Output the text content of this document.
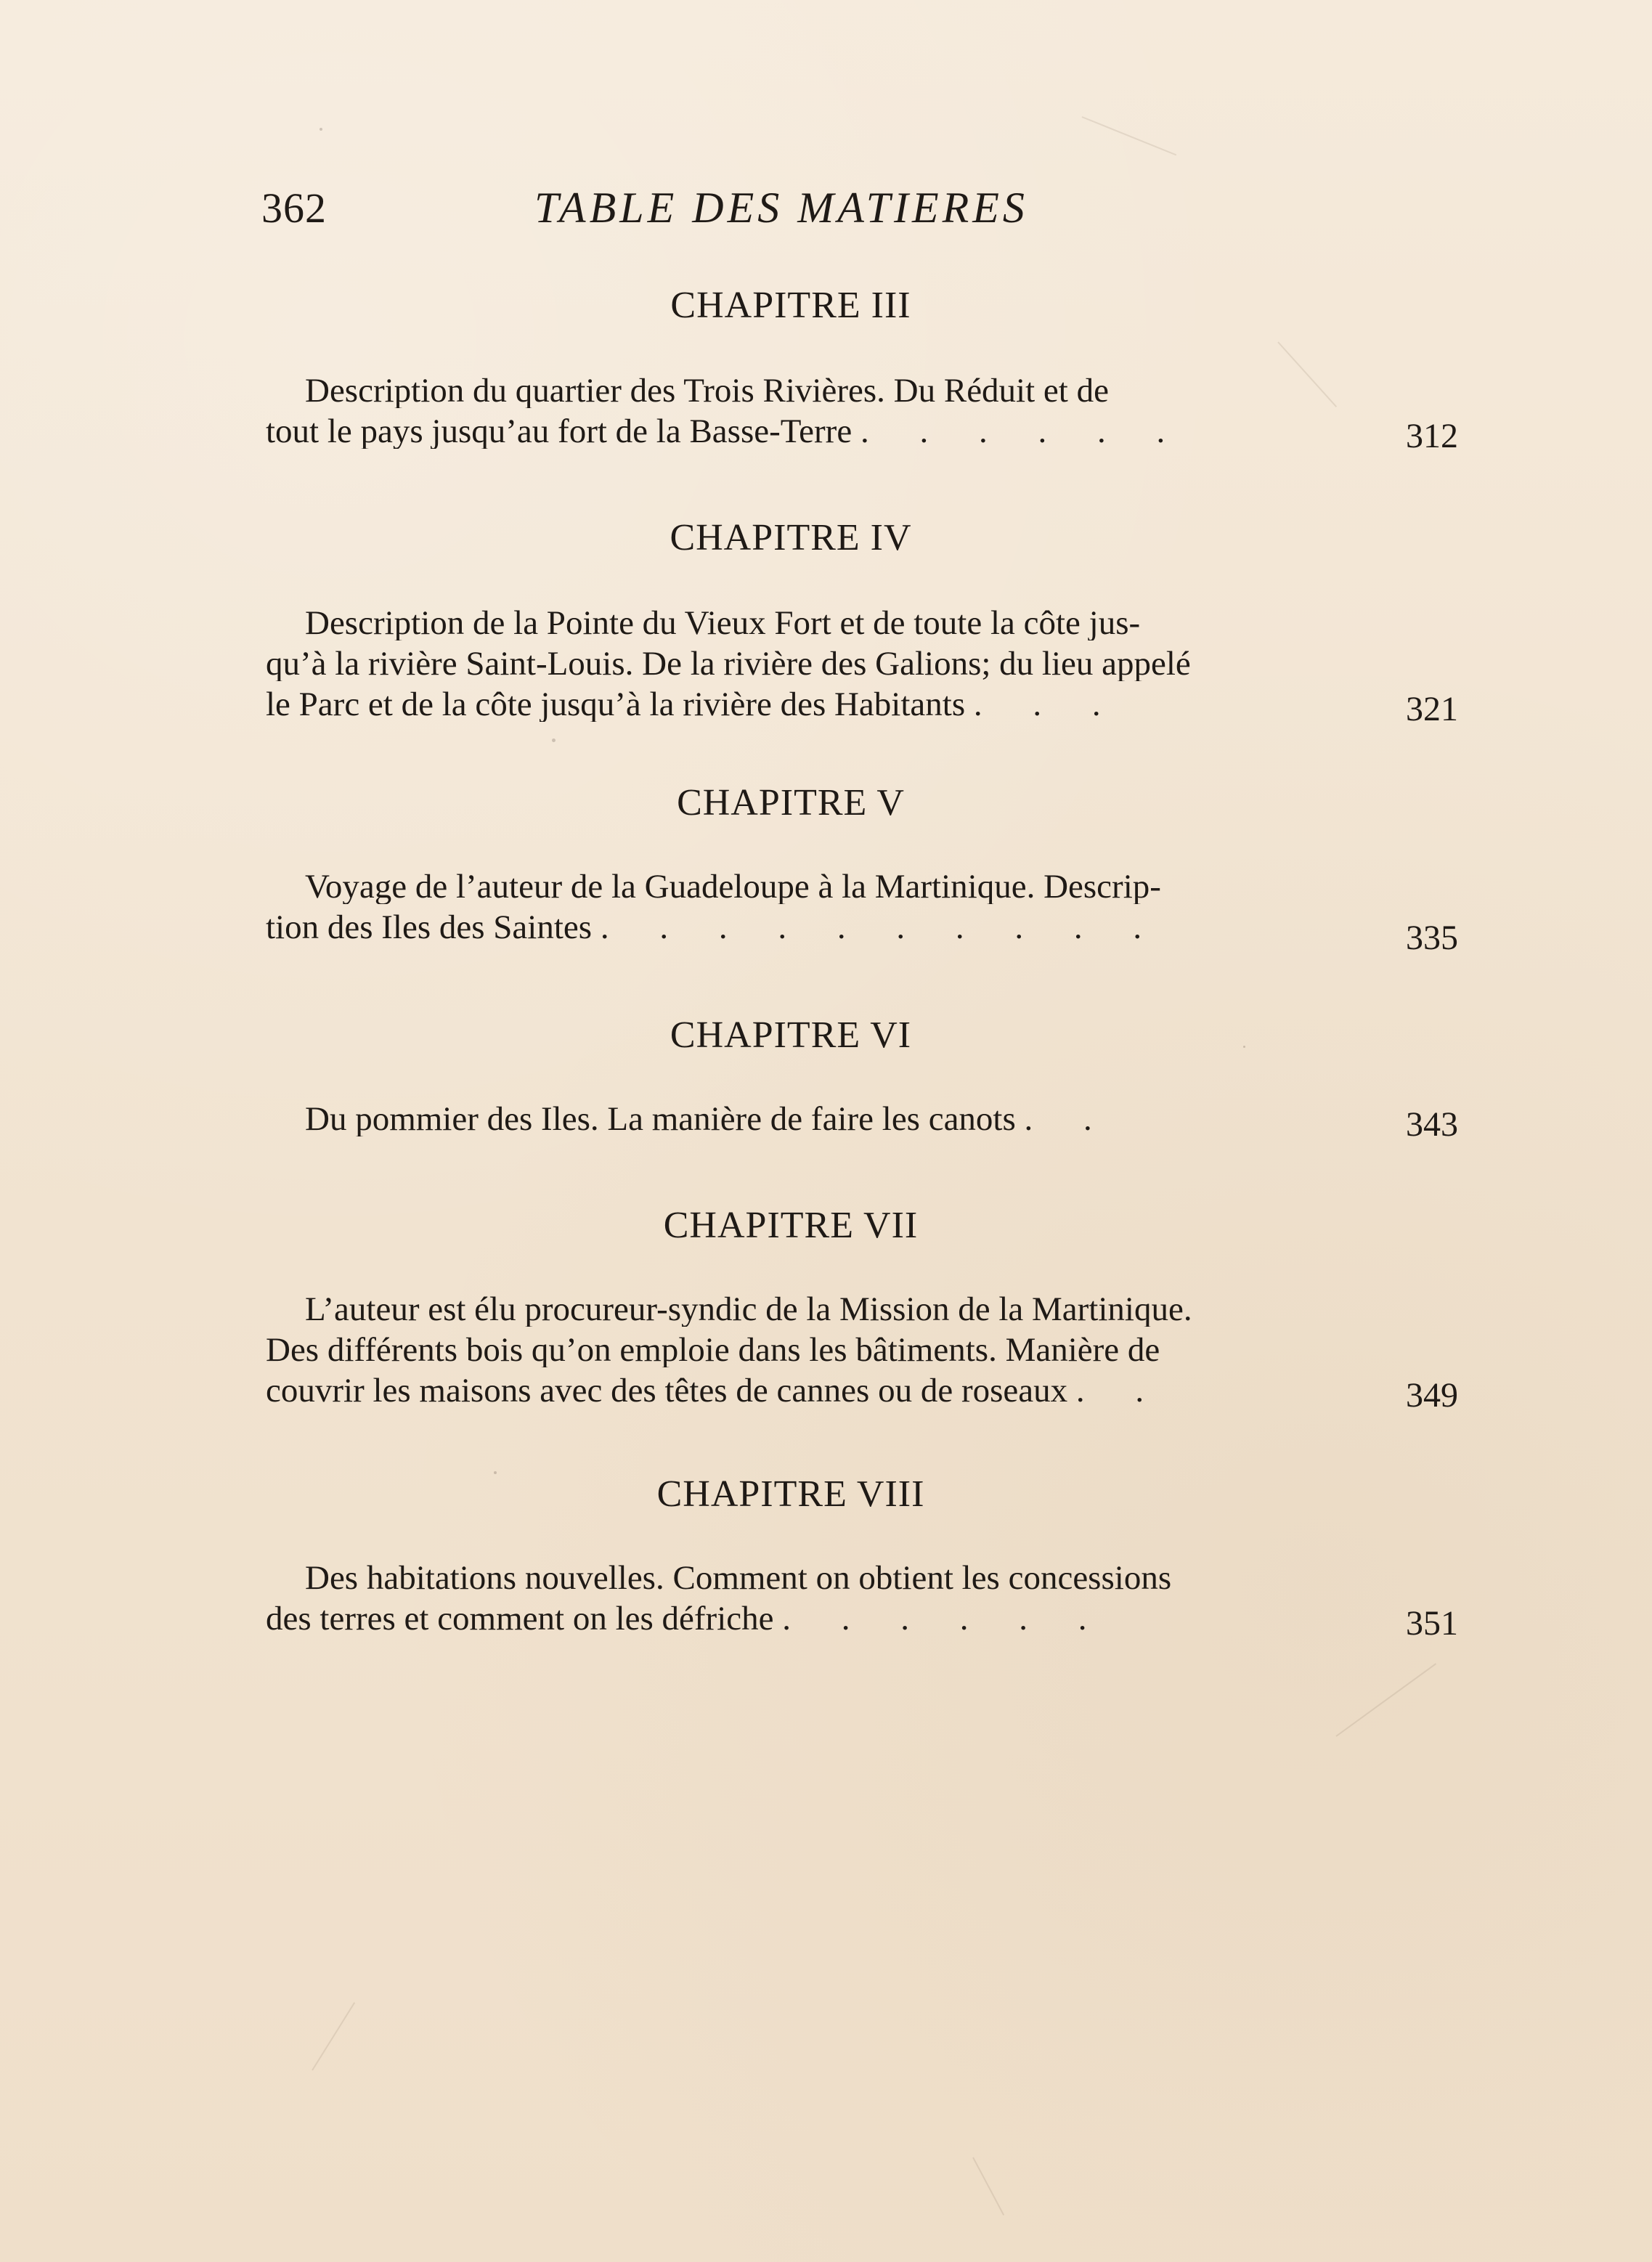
362	TABLE DES MATIERES
CHAPITRE III
Description du quartier des Trois Rivières. Du Réduit et de
tout le pays jusqu’au fort de la Basse-Terre . . . . . .	312
CHAPITRE IV
Description de la Pointe du Vieux Fort et de toute la côte jus-
qu’à la rivière Saint-Louis. De la rivière des Galions; du lieu appelé
le Parc et de la côte jusqu’à la rivière des Habitants . . .	321
CHAPITRE V
Voyage de l’auteur de la Guadeloupe à la Martinique. Descrip-
tion des Iles des Saintes . . . . . . . . . .	335
CHAPITRE VI
Du pommier des Iles. La manière de faire les canots . .	343
CHAPITRE VII
L’auteur est élu procureur-syndic de la Mission de la Martinique.
Des différents bois qu’on emploie dans les bâtiments. Manière de
couvrir les maisons avec des têtes de cannes ou de roseaux . .	349
CHAPITRE VIII
Des habitations nouvelles. Comment on obtient les concessions
des terres et comment on les défriche . . . . . .	351
